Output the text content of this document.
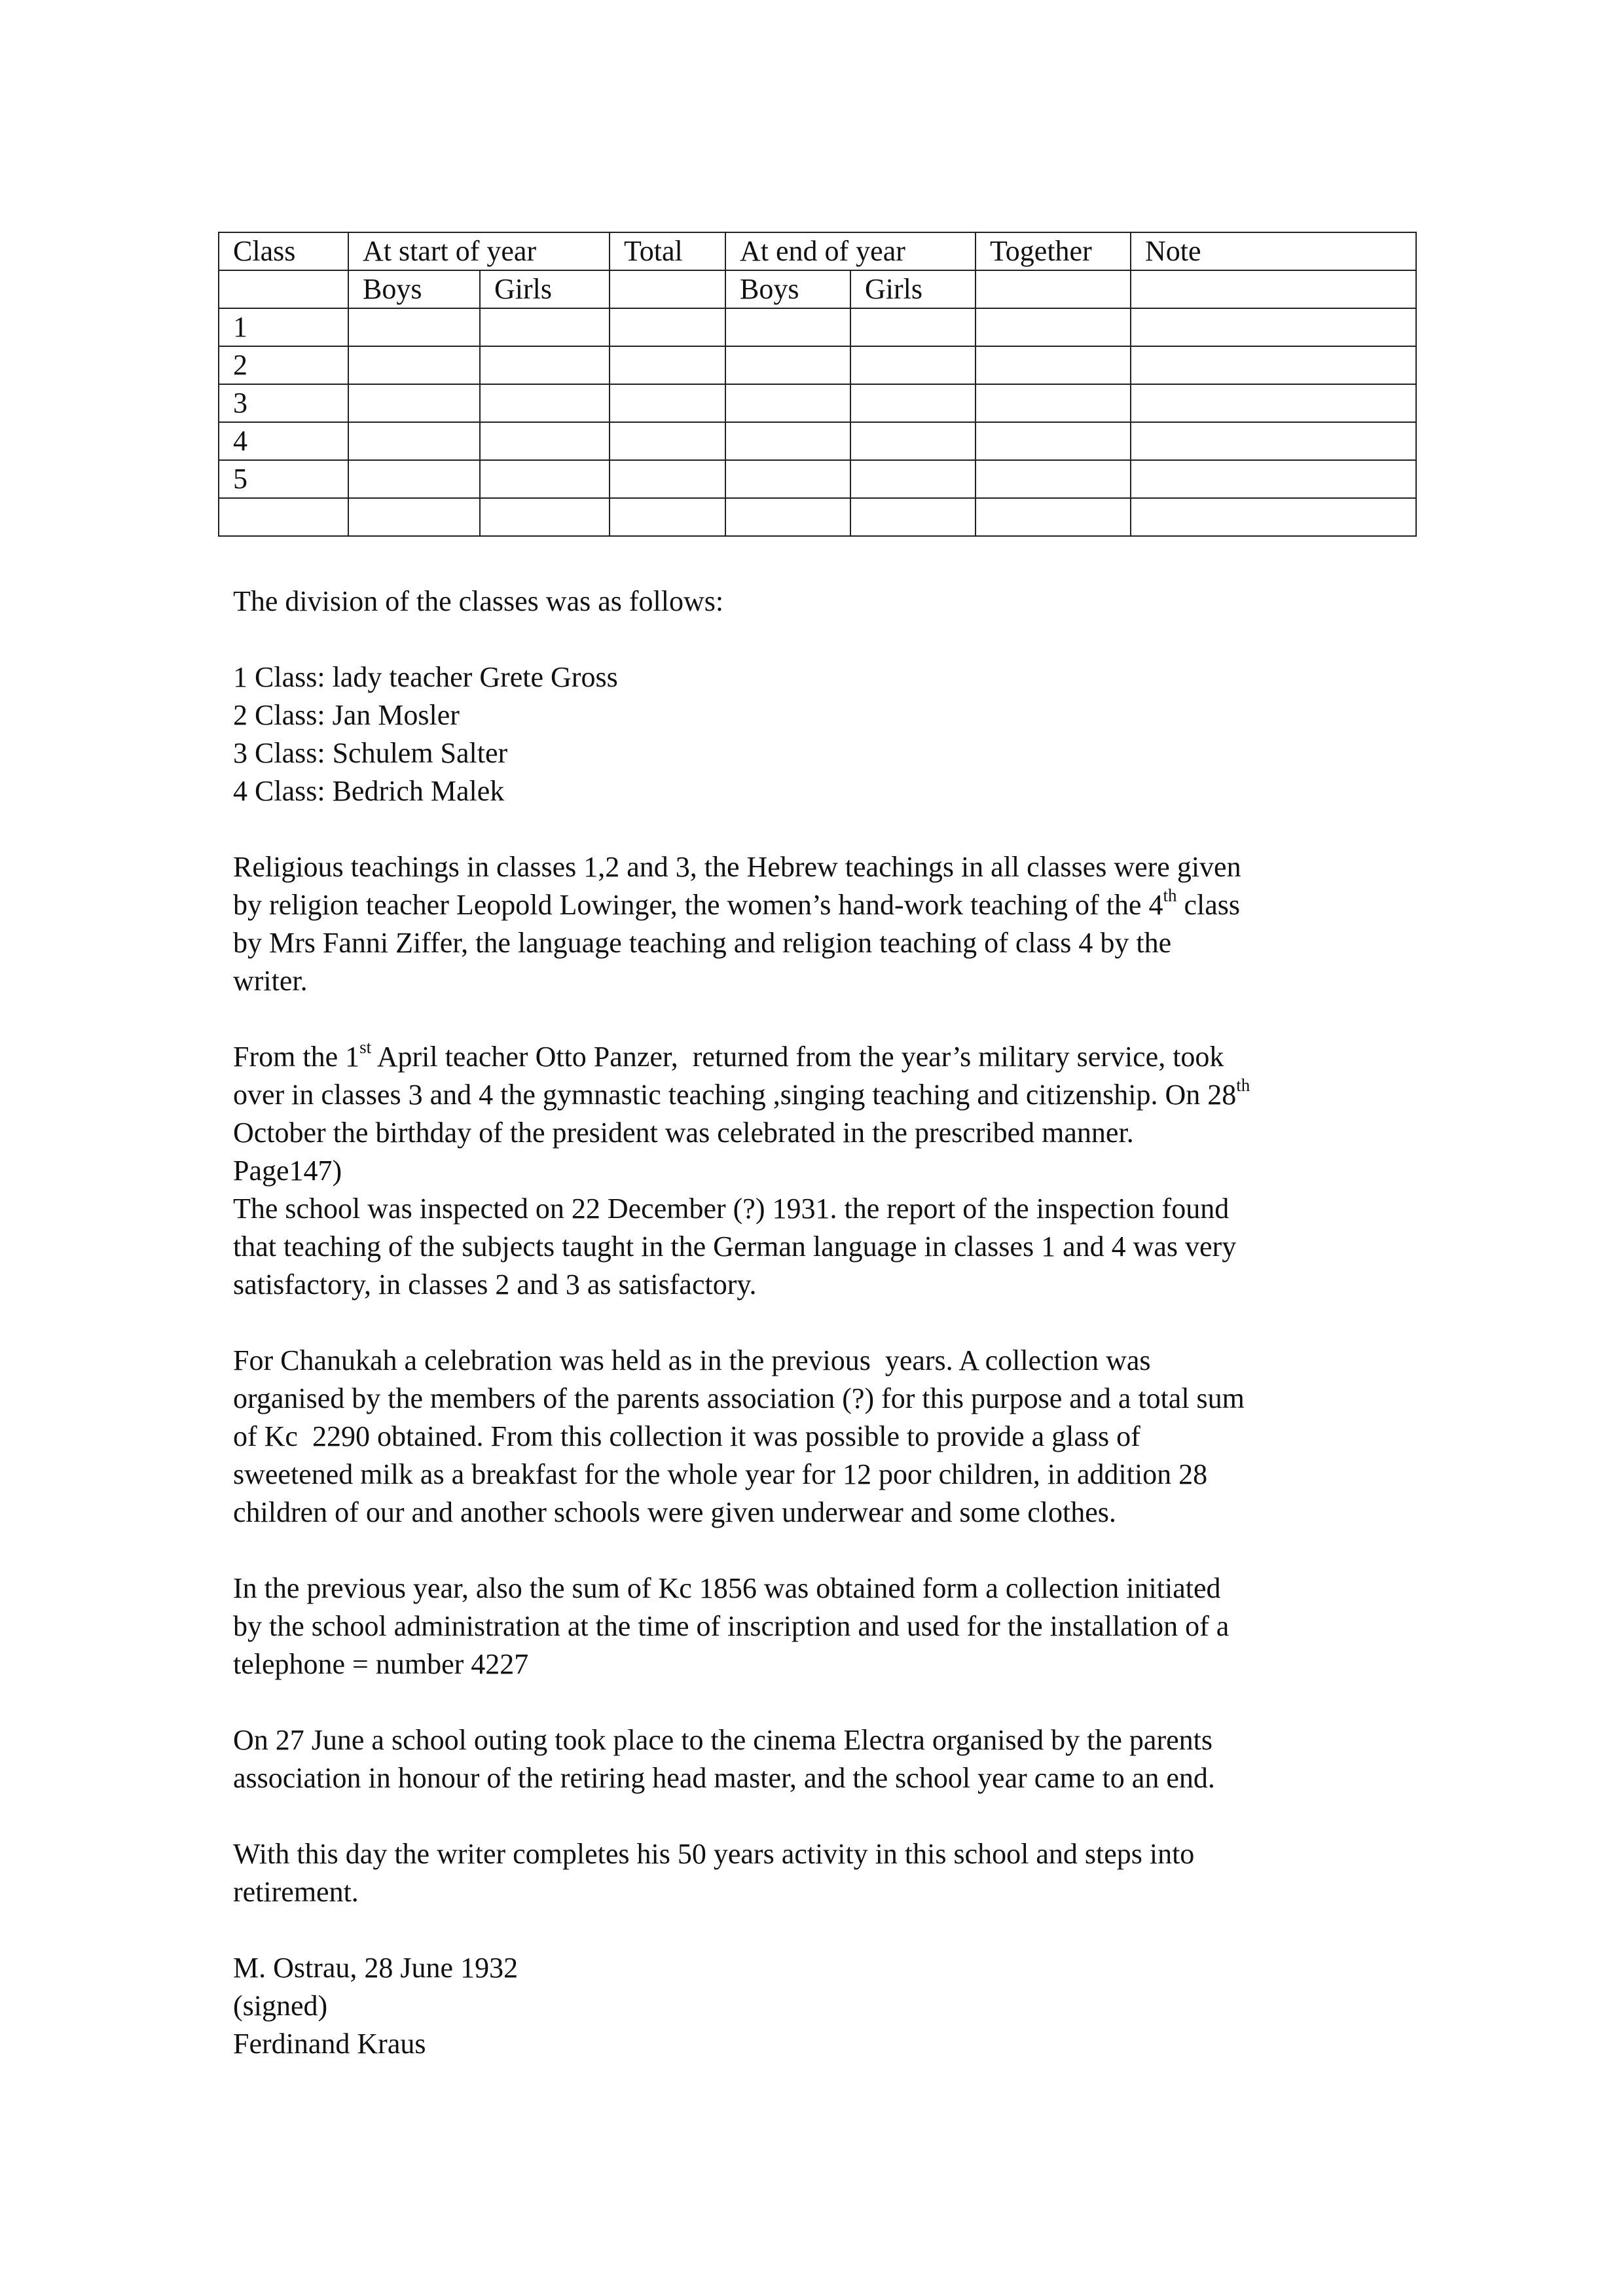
Class	At start of year		Total	At end of year		Together	Note
	Boys	Girls		Boys	Girls		
1							
2							
3							
4							
5							

The division of the classes was as follows:

1 Class: lady teacher Grete Gross
2 Class: Jan Mosler
3 Class: Schulem Salter
4 Class: Bedrich Malek

Religious teachings in classes 1,2 and 3, the Hebrew teachings in all classes were given
by religion teacher Leopold Lowinger, the women’s hand-work teaching of the 4th class
by Mrs Fanni Ziffer, the language teaching and religion teaching of class 4 by the
writer.

From the 1st April teacher Otto Panzer,  returned from the year’s military service, took
over in classes 3 and 4 the gymnastic teaching ,singing teaching and citizenship. On 28th
October the birthday of the president was celebrated in the prescribed manner.
Page147)
The school was inspected on 22 December (?) 1931. the report of the inspection found
that teaching of the subjects taught in the German language in classes 1 and 4 was very
satisfactory, in classes 2 and 3 as satisfactory.

For Chanukah a celebration was held as in the previous  years. A collection was
organised by the members of the parents association (?) for this purpose and a total sum
of Kc  2290 obtained. From this collection it was possible to provide a glass of
sweetened milk as a breakfast for the whole year for 12 poor children, in addition 28
children of our and another schools were given underwear and some clothes.

In the previous year, also the sum of Kc 1856 was obtained form a collection initiated
by the school administration at the time of inscription and used for the installation of a
telephone = number 4227

On 27 June a school outing took place to the cinema Electra organised by the parents
association in honour of the retiring head master, and the school year came to an end.

With this day the writer completes his 50 years activity in this school and steps into
retirement.

M. Ostrau, 28 June 1932
(signed)
Ferdinand Kraus
